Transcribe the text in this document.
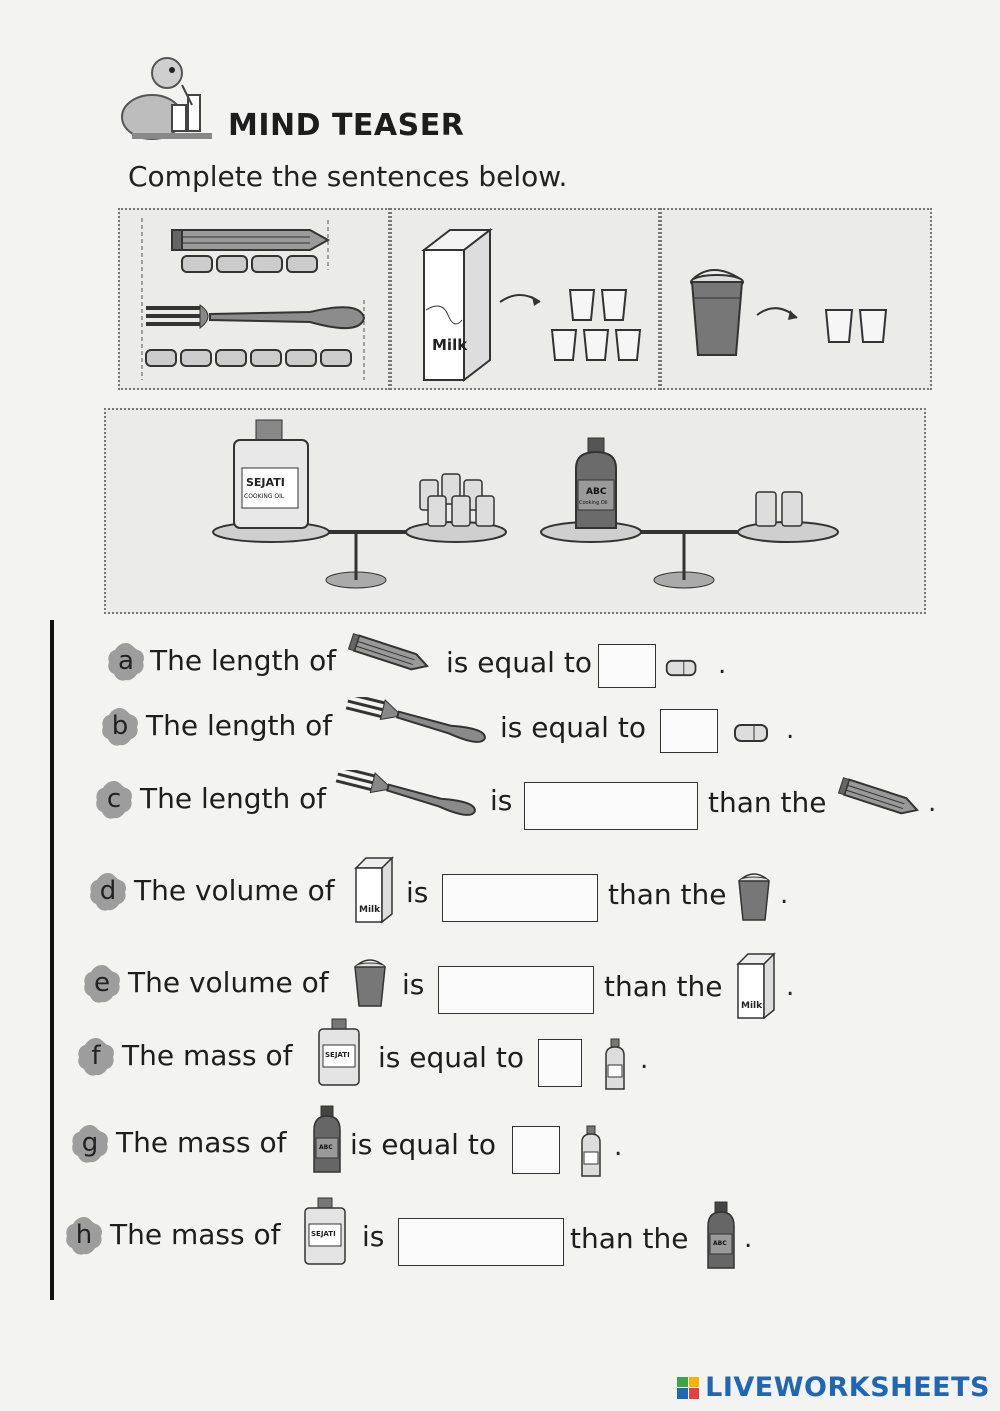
MIND TEASER
Complete the sentences below.
Milk
SEJATI
COOKING OIL	ABC
Cooking Oil
a The length of	is equal to	.
b The length of	is equal to	.
c The length of	is	than the	.
d The volume of
Milk
is	than the .
e The volume of	is	than the
Milk
.
f The mass of	SEJATI is equal to	.
g The mass of	ABC is equal to	.
h The mass of	SEJATI is	than the	ABC .
LIVEWORKSHEETS
